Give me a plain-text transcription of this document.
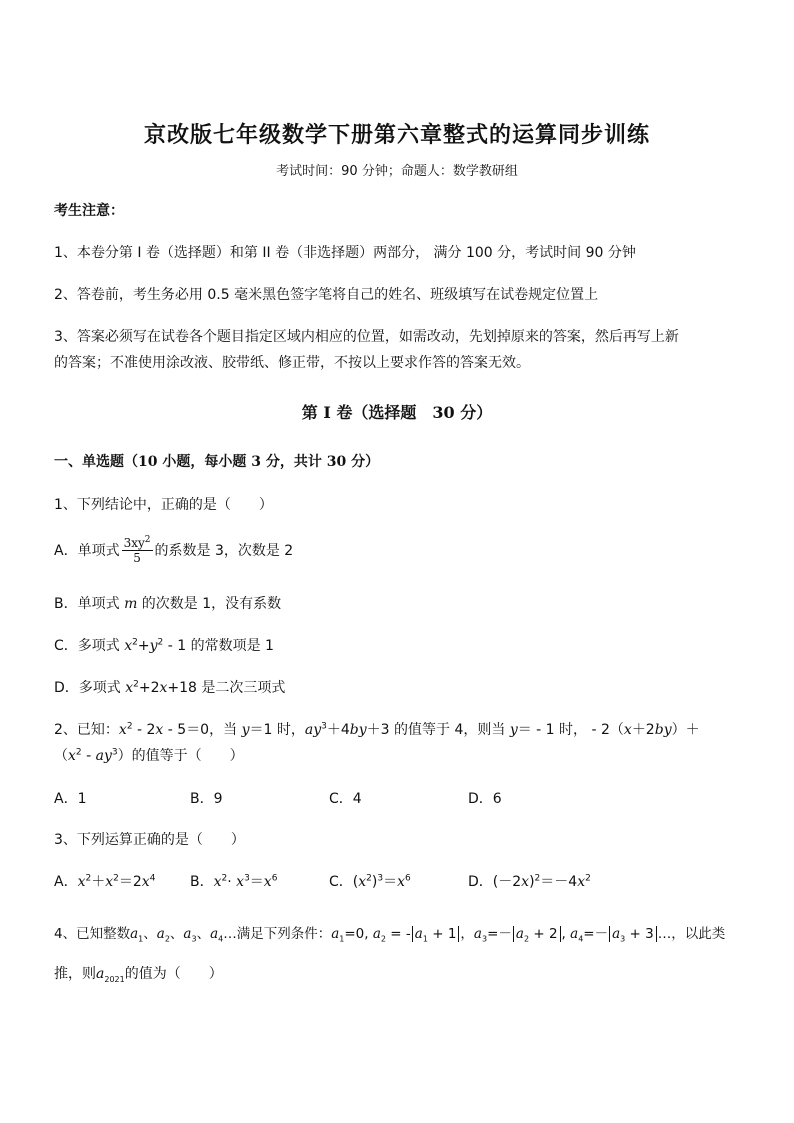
京改版七年级数学下册第六章整式的运算同步训练
考试时间：90 分钟；命题人：数学教研组
考生注意：
1、本卷分第 I 卷（选择题）和第 II 卷（非选择题）两部分， 满分 100 分，考试时间 90 分钟
2、答卷前，考生务必用 0.5 毫米黑色签字笔将自己的姓名、班级填写在试卷规定位置上
3、答案必须写在试卷各个题目指定区域内相应的位置，如需改动，先划掉原来的答案，然后再写上新
的答案；不准使用涂改液、胶带纸、修正带，不按以上要求作答的答案无效。
第 I 卷（选择题　30 分）
一、单选题（10 小题，每小题 3 分，共计 30 分）
1、下列结论中，正确的是（　　）
A．单项式 $\frac{3xy^2}{5}$ 的系数是 3，次数是 2
B．单项式 m 的次数是 1，没有系数
C．多项式 $x^2+y^2 - 1$ 的常数项是 1
D．多项式 $x^2+2x+18$ 是二次三项式
2、已知：$x^2 - 2x - 5=0$，当 y＝1 时，$ay^3+4by+3$ 的值等于 4，则当 y＝ - 1 时， - 2（x＋2by）＋
$(x^2 - ay^3)$的值等于（　　）
A．1	B．9	C．4	D．6
3、下列运算正确的是（　　）
A．$x^2+x^2=2x^4$ B．$x^2\cdot x^3=x^6$	C．$(x^2)^3=x^6$	D．$(-2x)^2=-4x^2$
4、已知整数$a_1$、$a_2$、$a_3$、$a_4\dots$满足下列条件：$a_1=0$, $a_2$ = - $a_1 + 1$ ，$a_3=- a_2 + 2$ , $a_4=- a_3 + 3$ …，以此类
推，则$a_{2021}$的值为（　　）
